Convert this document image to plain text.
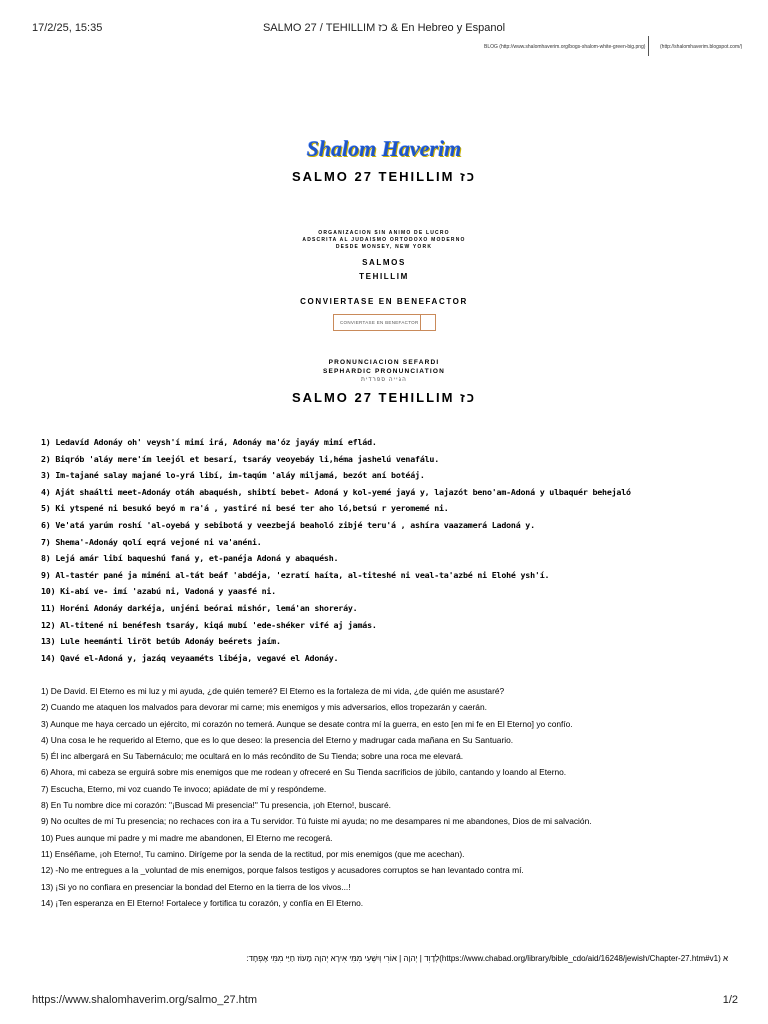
17/2/25, 15:35	SALMO 27 / TEHILLIM כז & En Hebreo y Espanol
BLOG (http://www.shalomhaverim.org/bogs-shalom-white-green-big.png)	(http://shalomhaverim.blogspot.com/)
Shalom Haverim
SALMO 27 TEHILLIM כז
ORGANIZACION SIN ANIMO DE LUCRO
ADSCRITA AL JUDAISMO ORTODOXO MODERNO
DESDE MONSEY, NEW YORK
SALMOS
TEHILLIM
CONVIERTASE EN BENEFACTOR
CONVIERTASE EN BENEFACTOR
PRONUNCIACION SEFARDI
SEPHARDIC PRONUNCIATION
הגייה ספרדית
SALMO 27 TEHILLIM כז
1) Ledavíd Adonáy oh' veysh'í mimí irá, Adonáy ma'óz jayáy mimí eflád.
2) Biqrób 'aláy mere'ím leejól et besarí, tsaráy veoyebáy li,héma jashelú venafálu.
3) Im-tajané salay majané lo-yrá libí, im-taqúm 'aláy miljamá, bezót aní botéáj.
4) Aját shaálti meet-Adonáy otáh abaquésh, shibtí bebet- Adoná y kol-yemé jayá y, lajazót beno'am-Adoná y ulbaquér behejaló
5) Ki ytspené ni besukó beyó m ra'á , yastiré ni besé ter aho ló,betsú r yeromemé ni.
6) Ve'atá yarúm roshí 'al-oyebá y sebibotá y veezbejá beaholó zibjé teru'á , ashíra vaazamerá Ladoná y.
7) Shema'-Adonáy qolí eqrá vejoné ni va'anéni.
8) Lejá amár libí baqueshú faná y, et-panéja Adoná y abaquésh.
9) Al-tastér pané ja miméni al-tát beáf 'abdéja, 'ezratí haíta, al-titeshé ni veal-ta'azbé ni Elohé ysh'í.
10) Ki-abí ve- imí 'azabú ni, Vadoná y yaasfé ni.
11) Horéni Adonáy darkéja, unjéni beórai mishór, lemá'an shoreráy.
12) Al-titené ni benéfesh tsaráy, kiqá mubí 'ede-shéker vifé aj jamás.
13) Lule heemánti liröt betúb Adonáy beérets jaím.
14) Qavé el-Adoná y, jazáq veyaaméts libéja, vegavé el Adonáy.
1) De David. El Eterno es mi luz y mi ayuda, ¿de quién temeré? El Eterno es la fortaleza de mi vida, ¿de quién me asustaré?
2) Cuando me ataquen los malvados para devorar mi carne; mis enemigos y mis adversarios, ellos tropezarán y caerán.
3) Aunque me haya cercado un ejército, mi corazón no temerá. Aunque se desate contra mí la guerra, en esto [en mi fe en El Eterno] yo confío.
4) Una cosa le he requerido al Eterno, que es lo que deseo: la presencia del Eterno y madrugar cada mañana en Su Santuario.
5) Él inc albergará en Su Tabernáculo; me ocultará en lo más recóndito de Su Tienda; sobre una roca me elevará.
6) Ahora, mi cabeza se erguirá sobre mis enemigos que me rodean y ofreceré en Su Tienda sacrificios de júbilo, cantando y loando al Eterno.
7) Escucha, Eterno, mi voz cuando Te invoco; apiádate de mí y respóndeme.
8) En Tu nombre dice mi corazón: "¡Buscad Mi presencia!" Tu presencia, ¡oh Eterno!, buscaré.
9) No ocultes de mí Tu presencia; no rechaces con ira a Tu servidor. Tú fuiste mi ayuda; no me desampares ni me abandones, Dios de mi salvación.
10) Pues aunque mi padre y mi madre me abandonen, El Eterno me recogerá.
11) Enséñame, ¡oh Eterno!, Tu camino. Dirígeme por la senda de la rectitud, por mis enemigos (que me acechan).
12) -No me entregues a la _voluntad de mis enemigos, porque falsos testigos y acusadores corruptos se han levantado contra mí.
13) ¡Si yo no confiara en presenciar la bondad del Eterno en la tierra de los vivos...!
14) ¡Ten esperanza en El Eterno! Fortalece y fortifica tu corazón, y confía en El Eterno.
א (https://www.chabad.org/library/bible_cdo/aid/16248/jewish/Chapter-27.htm#v1)לְדָוִד | יְהוָה | אוֹרִי וְיִשְׁעִי מִמִּי אִירָא יְהוָה מָעוֹז חַיַּי מִמִּי אֶפְחָד:
https://www.shalomhaverim.org/salmo_27.htm	1/2
